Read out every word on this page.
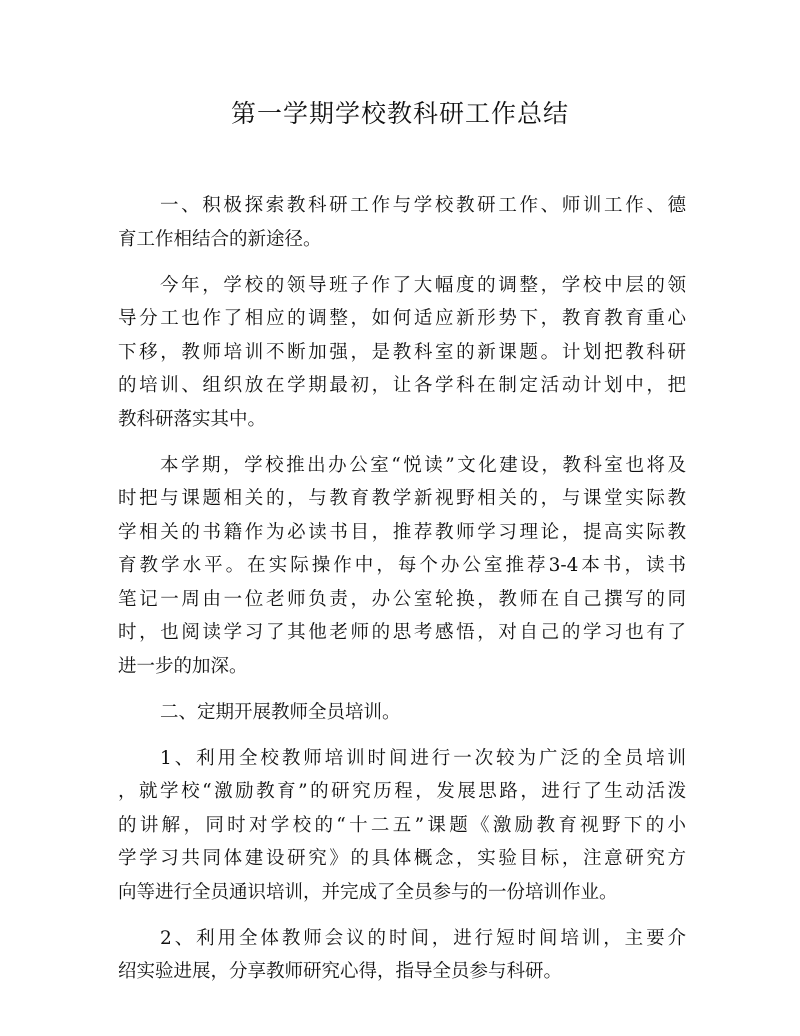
第一学期学校教科研工作总结
一、积极探索教科研工作与学校教研工作、师训工作、德
育工作相结合的新途径。
今年，学校的领导班子作了大幅度的调整，学校中层的领
导分工也作了相应的调整，如何适应新形势下，教育教育重心
下移，教师培训不断加强，是教科室的新课题。计划把教科研
的培训、组织放在学期最初，让各学科在制定活动计划中，把
教科研落实其中。
本学期，学校推出办公室“悦读”文化建设，教科室也将及
时把与课题相关的，与教育教学新视野相关的，与课堂实际教
学相关的书籍作为必读书目，推荐教师学习理论，提高实际教
育教学水平。在实际操作中，每个办公室推荐3-4本书，读书
笔记一周由一位老师负责，办公室轮换，教师在自己撰写的同
时，也阅读学习了其他老师的思考感悟，对自己的学习也有了
进一步的加深。
二、定期开展教师全员培训。
1、利用全校教师培训时间进行一次较为广泛的全员培训
，就学校“激励教育”的研究历程，发展思路，进行了生动活泼
的讲解，同时对学校的“十二五”课题《激励教育视野下的小
学学习共同体建设研究》的具体概念，实验目标，注意研究方
向等进行全员通识培训，并完成了全员参与的一份培训作业。
2、利用全体教师会议的时间，进行短时间培训，主要介
绍实验进展，分享教师研究心得，指导全员参与科研。
